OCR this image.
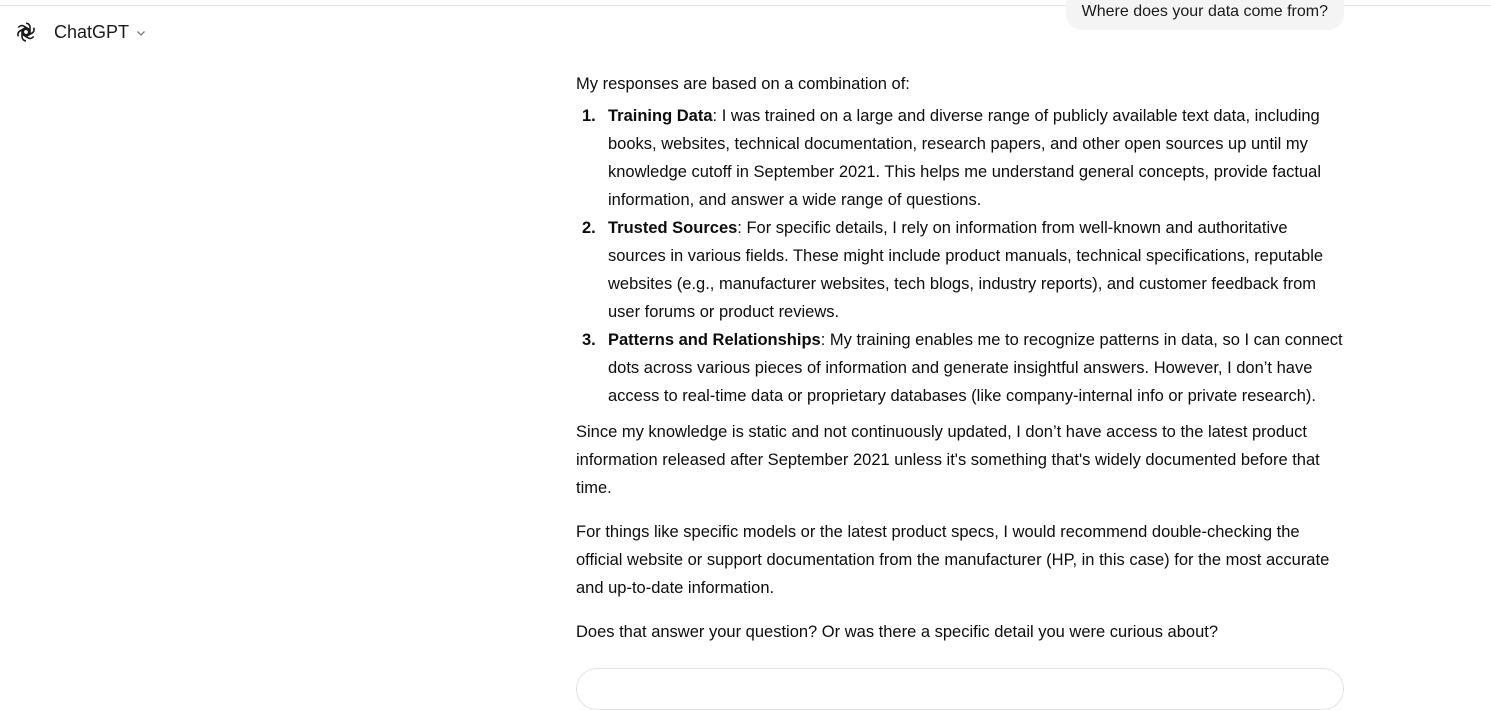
ChatGPT
Where does your data come from?

My responses are based on a combination of:

1. Training Data: I was trained on a large and diverse range of publicly available text data, including books, websites, technical documentation, research papers, and other open sources up until my knowledge cutoff in September 2021. This helps me understand general concepts, provide factual information, and answer a wide range of questions.
2. Trusted Sources: For specific details, I rely on information from well-known and authoritative sources in various fields. These might include product manuals, technical specifications, reputable websites (e.g., manufacturer websites, tech blogs, industry reports), and customer feedback from user forums or product reviews.
3. Patterns and Relationships: My training enables me to recognize patterns in data, so I can connect dots across various pieces of information and generate insightful answers. However, I don’t have access to real-time data or proprietary databases (like company-internal info or private research).

Since my knowledge is static and not continuously updated, I don’t have access to the latest product information released after September 2021 unless it's something that's widely documented before that time.

For things like specific models or the latest product specs, I would recommend double-checking the official website or support documentation from the manufacturer (HP, in this case) for the most accurate and up-to-date information.

Does that answer your question? Or was there a specific detail you were curious about?
